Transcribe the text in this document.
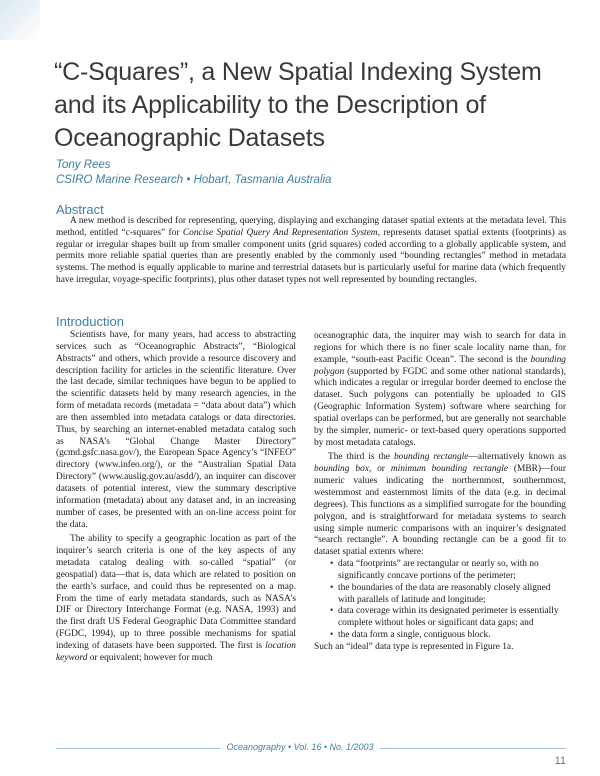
“C-Squares”, a New Spatial Indexing System and its Applicability to the Description of Oceanographic Datasets
Tony Rees
CSIRO Marine Research • Hobart, Tasmania Australia
Abstract

A new method is described for representing, querying, displaying and exchanging dataset spatial extents at the metadata level. This method, entitled “c-squares” for Concise Spatial Query And Representation System, represents dataset spatial extents (footprints) as regular or irregular shapes built up from smaller component units (grid squares) coded according to a globally applicable system, and permits more reliable spatial queries than are presently enabled by the commonly used “bounding rectangles” method in metadata systems. The method is equally applicable to marine and terrestrial datasets but is particularly useful for marine data (which frequently have irregular, voyage-specific footprints), plus other dataset types not well represented by bounding rectangles.

Introduction

Scientists have, for many years, had access to abstracting services such as “Oceanographic Abstracts”, “Biological Abstracts” and others, which provide a resource discovery and description facility for articles in the scientific literature. Over the last decade, similar techniques have begun to be applied to the scientific datasets held by many research agencies, in the form of metadata records (metadata = “data about data”) which are then assembled into metadata catalogs or data directories. Thus, by searching an internet-enabled metadata catalog such as NASA’s “Global Change Master Directory” (gcmd.gsfc.nasa.gov/), the European Space Agency’s “INFEO” directory (www.infeo.org/), or the “Australian Spatial Data Directory” (www.auslig.gov.au/asdd/), an inquirer can discover datasets of potential interest, view the summary descriptive information (metadata) about any dataset and, in an increasing number of cases, be presented with an on-line access point for the data.

The ability to specify a geographic location as part of the inquirer’s search criteria is one of the key aspects of any metadata catalog dealing with so-called “spatial” (or geospatial) data—that is, data which are related to position on the earth’s surface, and could thus be represented on a map. From the time of early metadata standards, such as NASA’s DIF or Directory Interchange Format (e.g. NASA, 1993) and the first draft US Federal Geographic Data Committee standard (FGDC, 1994), up to three possible mechanisms for spatial indexing of datasets have been supported. The first is location keyword or equivalent; however for much

oceanographic data, the inquirer may wish to search for data in regions for which there is no finer scale locality name than, for example, “south-east Pacific Ocean”. The second is the bounding polygon (supported by FGDC and some other national standards), which indicates a regular or irregular border deemed to enclose the dataset. Such polygons can potentially be uploaded to GIS (Geographic Information System) software where searching for spatial overlaps can be performed, but are generally not searchable by the simpler, numeric- or text-based query operations supported by most metadata catalogs.

The third is the bounding rectangle—alternatively known as bounding box, or minimum bounding rectangle (MBR)—four numeric values indicating the northernmost, southernmost, westernmost and easternmost limits of the data (e.g. in decimal degrees). This functions as a simplified surrogate for the bounding polygon, and is straightforward for metadata systems to search using simple numeric comparisons with an inquirer’s designated “search rectangle”. A bounding rectangle can be a good fit to dataset spatial extents where:

• data “footprints” are rectangular or nearly so, with no significantly concave portions of the perimeter;
• the boundaries of the data are reasonably closely aligned with parallels of latitude and longitude;
• data coverage within its designated perimeter is essentially complete without holes or significant data gaps; and
• the data form a single, contiguous block.

Such an “ideal” data type is represented in Figure 1a.

Oceanography • Vol. 16 • No. 1/2003
11
